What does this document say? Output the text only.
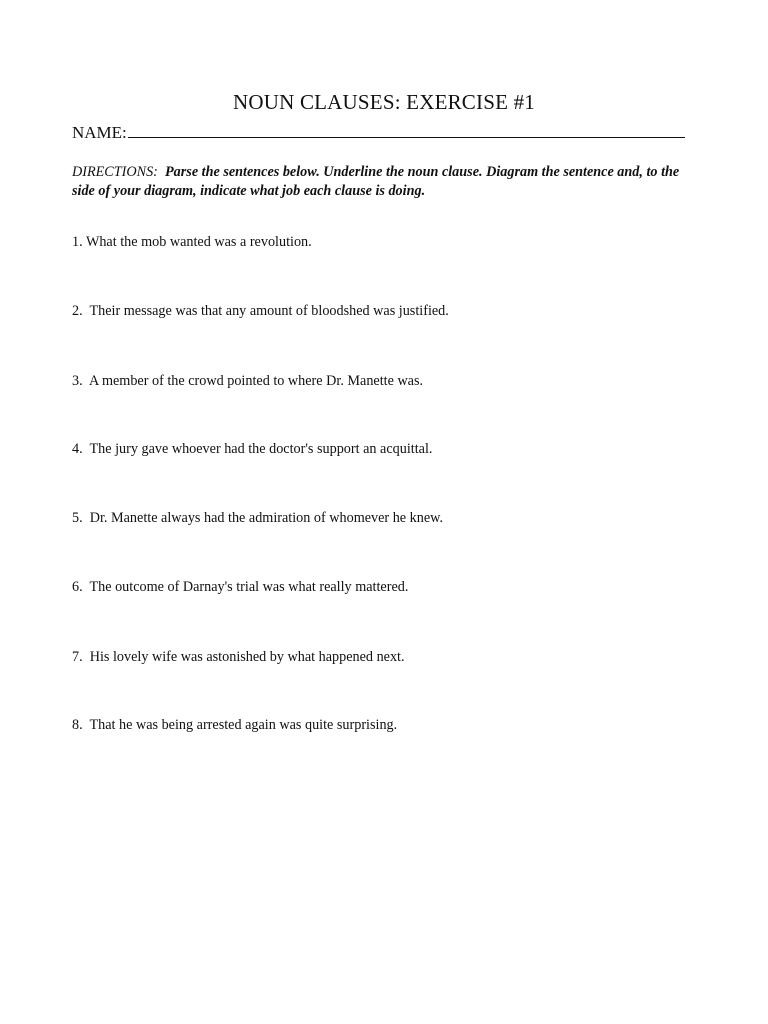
NOUN CLAUSES: EXERCISE #1
NAME:

DIRECTIONS: Parse the sentences below. Underline the noun clause. Diagram the sentence and, to the side of your diagram, indicate what job each clause is doing.

1. What the mob wanted was a revolution.

2. Their message was that any amount of bloodshed was justified.

3. A member of the crowd pointed to where Dr. Manette was.

4. The jury gave whoever had the doctor's support an acquittal.

5. Dr. Manette always had the admiration of whomever he knew.

6. The outcome of Darnay's trial was what really mattered.

7. His lovely wife was astonished by what happened next.

8. That he was being arrested again was quite surprising.
